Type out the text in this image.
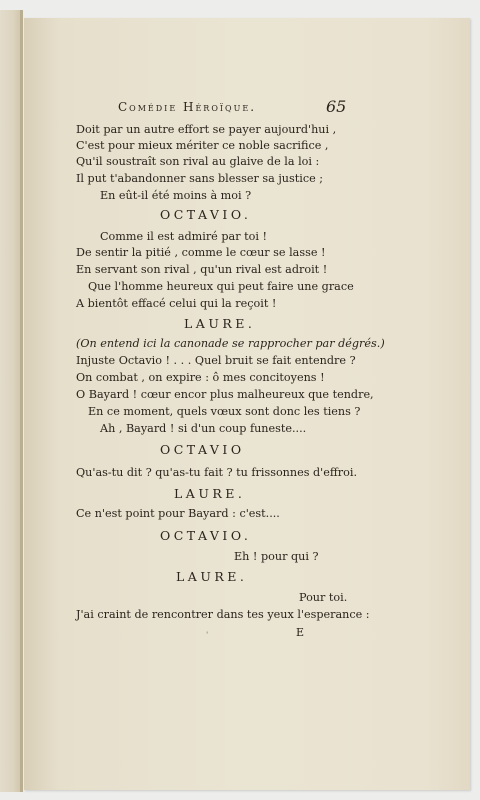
Comédie Héroïque.	65
Doit par un autre effort se payer aujourd'hui ,
C'est pour mieux mériter ce noble sacrifice ,
Qu'il soustraît son rival au glaive de la loi :
Il put t'abandonner sans blesser sa justice ;
En eût-il été moins à moi ?
OCTAVIO.
Comme il est admiré par toi !
De sentir la pitié , comme le cœur se lasse !
En servant son rival , qu'un rival est adroit !
Que l'homme heureux qui peut faire une grace
A bientôt effacé celui qui la reçoit !
LAURE.
(On entend ici la canonade se rapprocher par dégrés.)
Injuste Octavio ! . . . Quel bruit se fait entendre ?
On combat , on expire : ô mes concitoyens !
O Bayard ! cœur encor plus malheureux que tendre,
En ce moment, quels vœux sont donc les tiens ?
Ah , Bayard ! si d'un coup funeste....
OCTAVIO
Qu'as-tu dit ? qu'as-tu fait ? tu frissonnes d'effroi.
LAURE.
Ce n'est point pour Bayard : c'est....
OCTAVIO.
Eh ! pour qui ?
LAURE.
Pour toi.
J'ai craint de rencontrer dans tes yeux l'esperance :
E
ˈ
